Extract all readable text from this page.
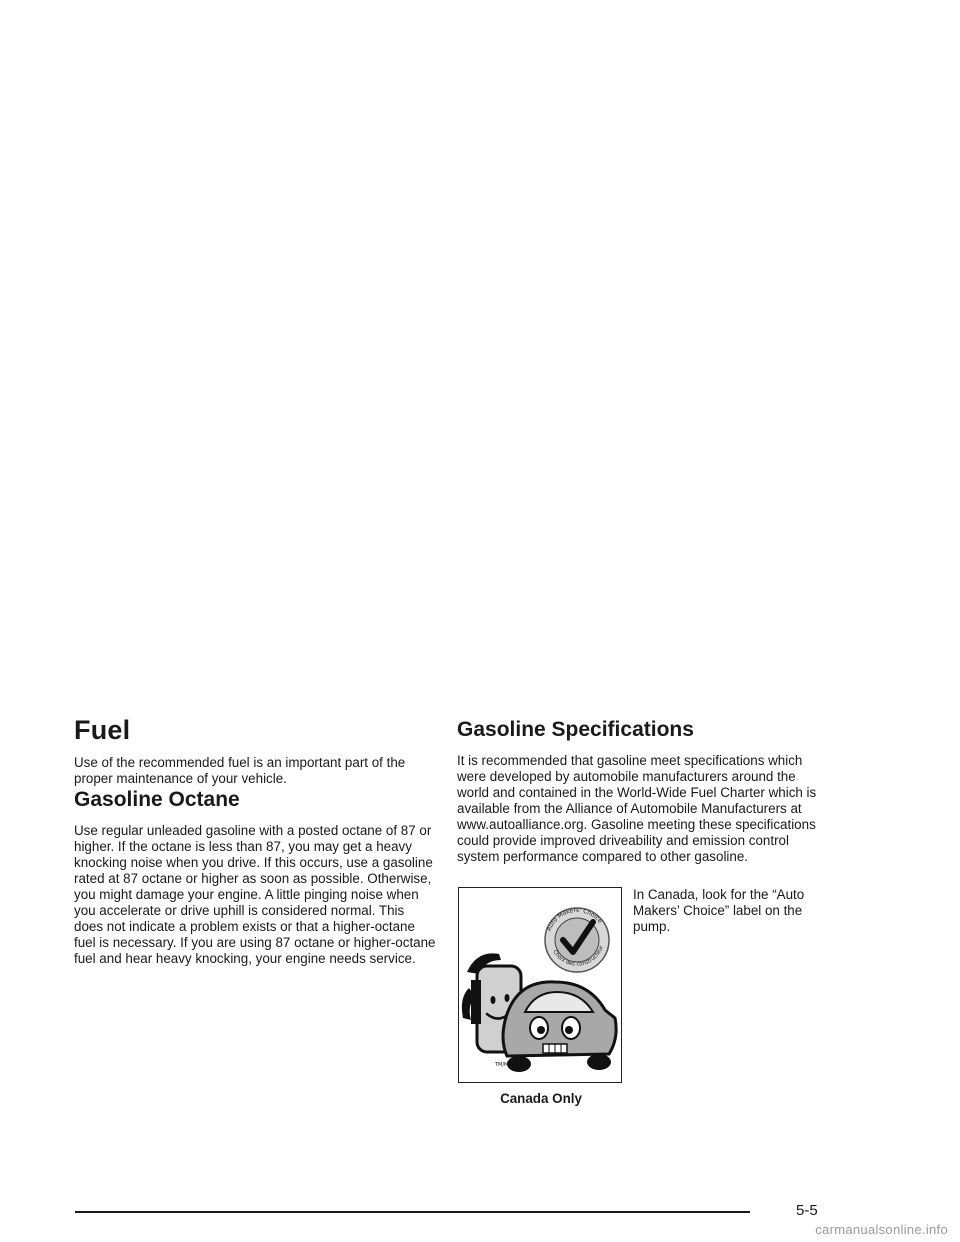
Fuel

Use of the recommended fuel is an important part of the proper maintenance of your vehicle.

Gasoline Octane

Use regular unleaded gasoline with a posted octane of 87 or higher. If the octane is less than 87, you may get a heavy knocking noise when you drive. If this occurs, use a gasoline rated at 87 octane or higher as soon as possible. Otherwise, you might damage your engine. A little pinging noise when you accelerate or drive uphill is considered normal. This does not indicate a problem exists or that a higher-octane fuel is necessary. If you are using 87 octane or higher-octane fuel and hear heavy knocking, your engine needs service.

Gasoline Specifications

It is recommended that gasoline meet specifications which were developed by automobile manufacturers around the world and contained in the World-Wide Fuel Charter which is available from the Alliance of Automobile Manufacturers at www.autoalliance.org. Gasoline meeting these specifications could provide improved driveability and emission control system performance compared to other gasoline.

Auto Makers' Choice
Choix des constructeur
TM/MC
Canada Only
In Canada, look for the “Auto Makers’ Choice” label on the pump.
5-5
carmanualsonline.info
